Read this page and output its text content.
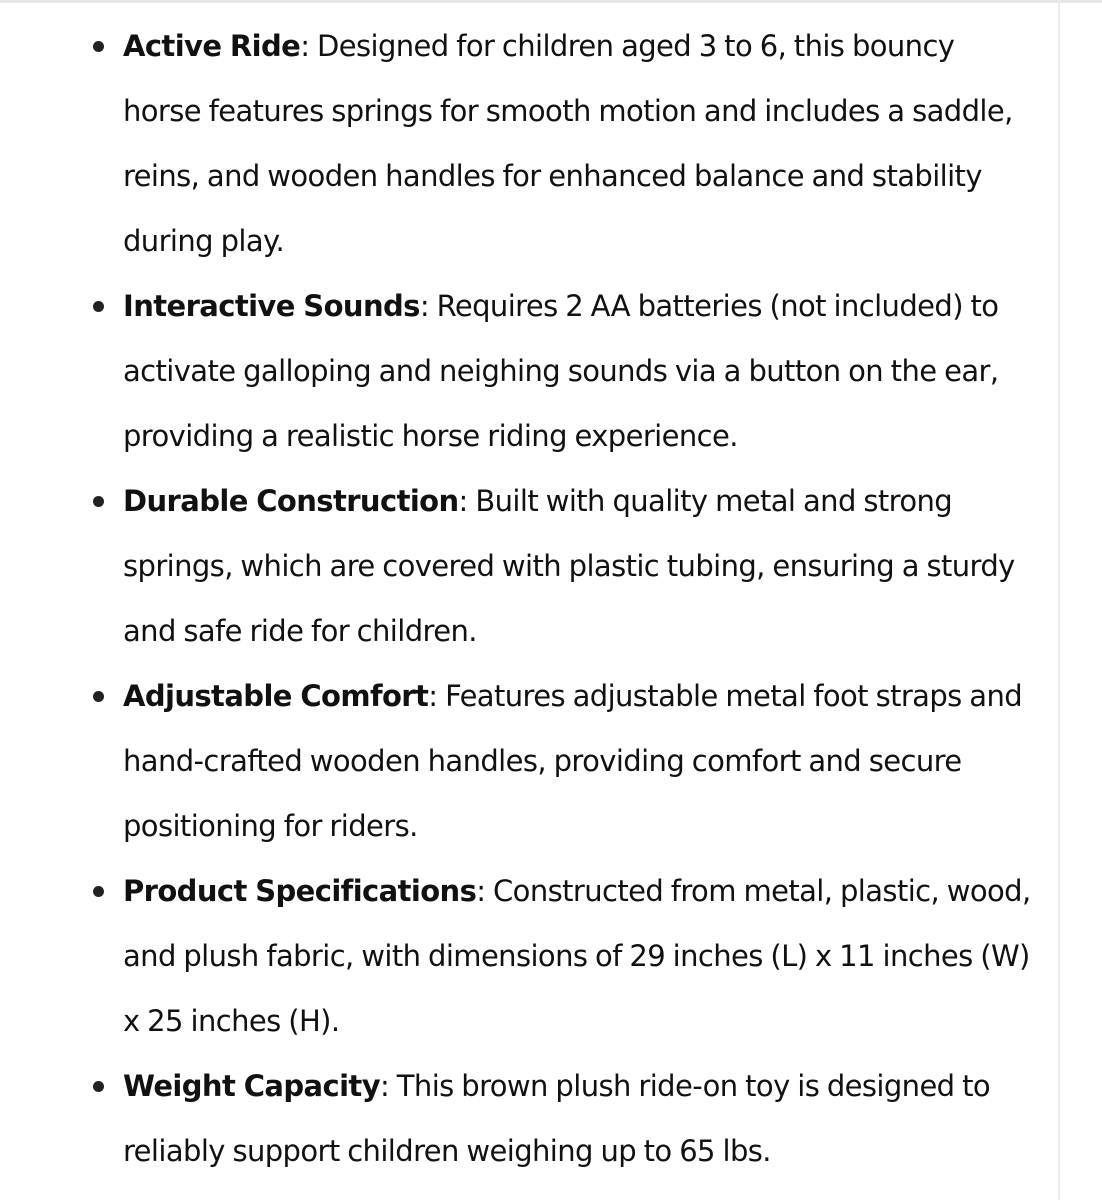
Active Ride: Designed for children aged 3 to 6, this bouncy horse features springs for smooth motion and includes a saddle, reins, and wooden handles for enhanced balance and stability during play.
Interactive Sounds: Requires 2 AA batteries (not included) to activate galloping and neighing sounds via a button on the ear, providing a realistic horse riding experience.
Durable Construction: Built with quality metal and strong springs, which are covered with plastic tubing, ensuring a sturdy and safe ride for children.
Adjustable Comfort: Features adjustable metal foot straps and hand-crafted wooden handles, providing comfort and secure positioning for riders.
Product Specifications: Constructed from metal, plastic, wood, and plush fabric, with dimensions of 29 inches (L) x 11 inches (W) x 25 inches (H).
Weight Capacity: This brown plush ride-on toy is designed to reliably support children weighing up to 65 lbs.
